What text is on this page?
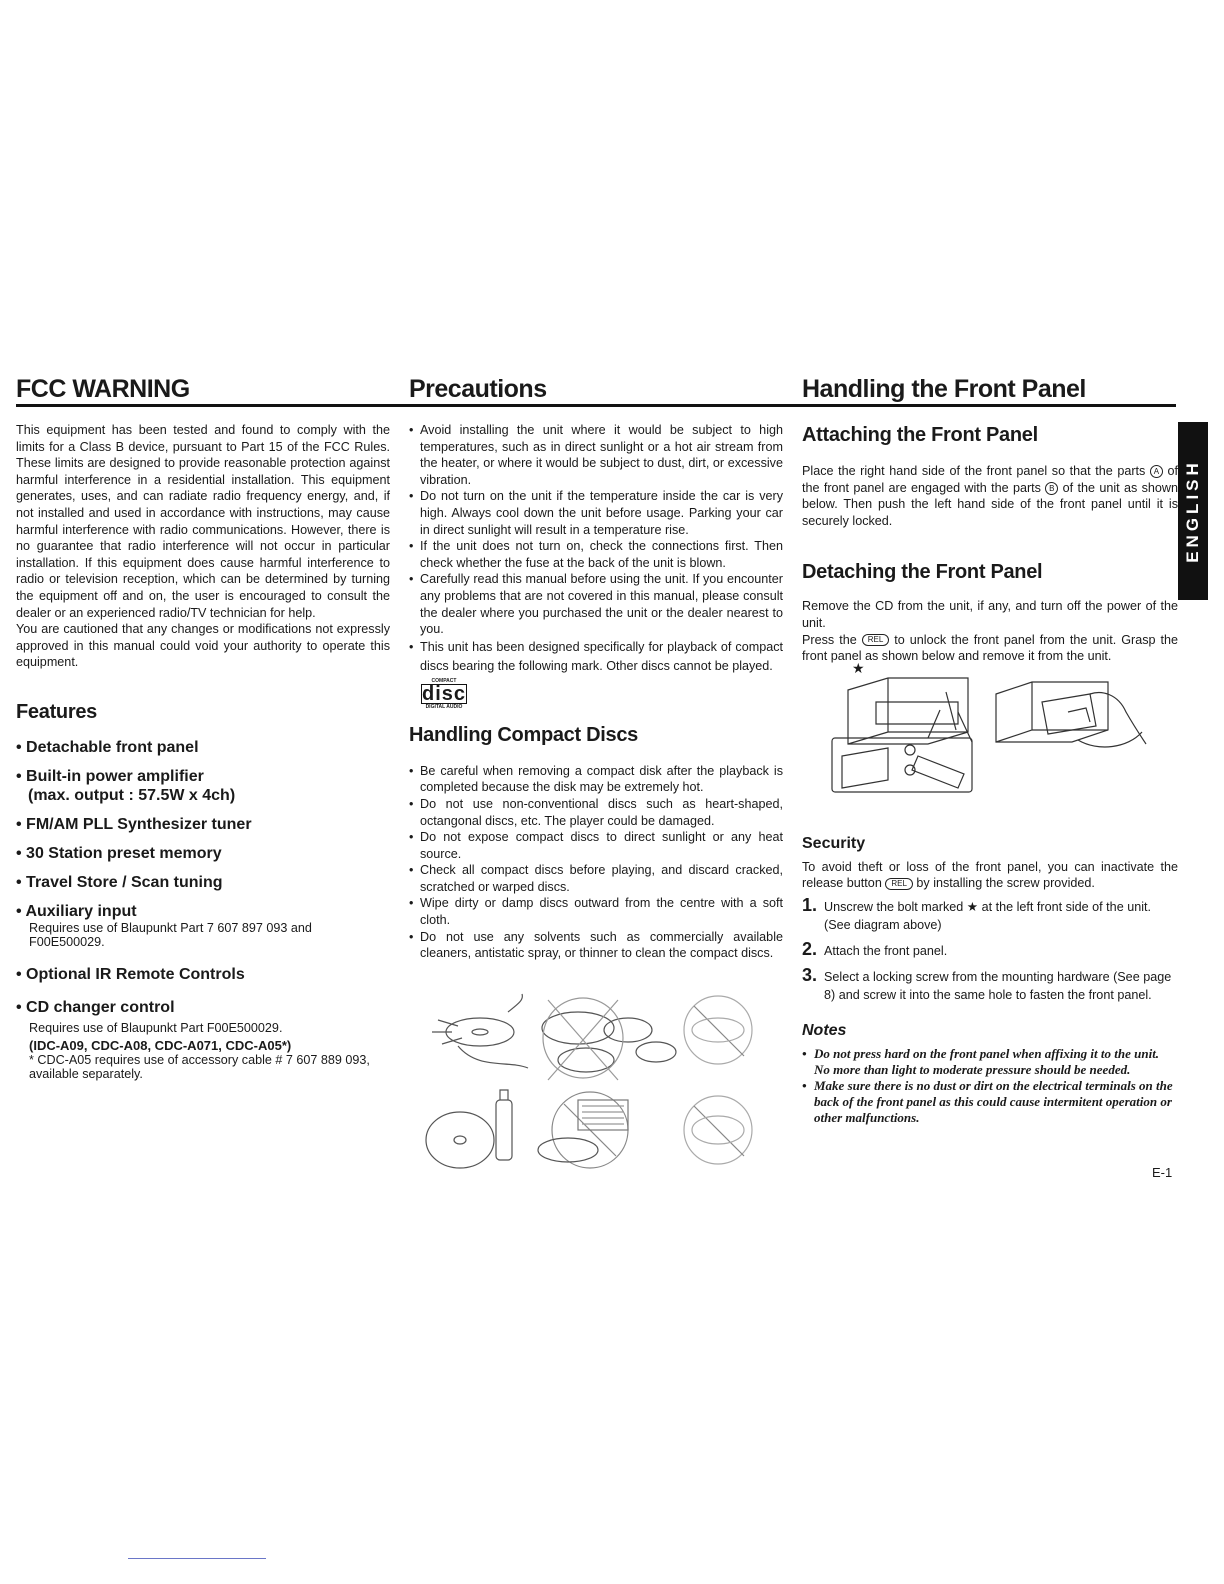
FCC WARNING

This equipment has been tested and found to comply with the limits for a Class B device, pursuant to Part 15 of the FCC Rules. These limits are designed to provide reasonable protection against harmful interference in a residential installation. This equipment generates, uses, and can radiate radio frequency energy, and, if not installed and used in accordance with instructions, may cause harmful interference with radio communications. However, there is no guarantee that radio interference will not occur in particular installation. If this equipment does cause harmful interference to radio or television reception, which can be determined by turning the equipment off and on, the user is encouraged to consult the dealer or an experienced radio/TV technician for help.

You are cautioned that any changes or modifications not expressly approved in this manual could void your authority to operate this equipment.

Features

• Detachable front panel

• Built-in power amplifier

(max. output : 57.5W x 4ch)

• FM/AM PLL Synthesizer tuner

• 30 Station preset memory

• Travel Store / Scan tuning

• Auxiliary input

Requires use of Blaupunkt Part 7 607 897 093 and F00E500029.

• Optional IR Remote Controls

• CD changer control

Requires use of Blaupunkt Part F00E500029.

(IDC-A09, CDC-A08, CDC-A071, CDC-A05*)

* CDC-A05 requires use of accessory cable # 7 607 889 093, available separately.

Precautions
• Avoid installing the unit where it would be subject to high temperatures, such as in direct sunlight or a hot air stream from the heater, or where it would be subject to dust, dirt, or excessive vibration.
• Do not turn on the unit if the temperature inside the car is very high. Always cool down the unit before usage. Parking your car in direct sunlight will result in a temperature rise.
• If the unit does not turn on, check the connections first. Then check whether the fuse at the back of the unit is blown.
• Carefully read this manual before using the unit. If you encounter any problems that are not covered in this manual, please consult the dealer where you purchased the unit or the dealer nearest to you.
• This unit has been designed specifically for playback of compact discs bearing the following mark. Other discs cannot be played.
COMPACT
disc
DIGITAL AUDIO
Handling Compact Discs
• Be careful when removing a compact disk after the playback is completed because the disk may be extremely hot.
• Do not use non-conventional discs such as heart-shaped, octangonal discs, etc. The player could be damaged.
• Do not expose compact discs to direct sunlight or any heat source.
• Check all compact discs before playing, and discard cracked, scratched or warped discs.
• Wipe dirty or damp discs outward from the centre with a soft cloth.
• Do not use any solvents such as commercially available cleaners, antistatic spray, or thinner to clean the compact discs.
Handling the Front Panel
Attaching the Front Panel

Place the right hand side of the front panel so that the parts A of the front panel are engaged with the parts B of the unit as shown below. Then push the left hand side of the front panel until it is securely locked.

Detaching the Front Panel

Remove the CD from the unit, if any, and turn off the power of the unit.

Press the REL to unlock the front panel from the unit. Grasp the front panel as shown below and remove it from the unit.

Security

To avoid theft or loss of the front panel, you can inactivate the release button REL by installing the screw provided.

1. Unscrew the bolt marked ★ at the left front side of the unit. (See diagram above)
2. Attach the front panel.
3. Select a locking screw from the mounting hardware (See page 8) and screw it into the same hole to fasten the front panel.
Notes
• Do not press hard on the front panel when affixing it to the unit. No more than light to moderate pressure should be needed.
• Make sure there is no dust or dirt on the electrical terminals on the back of the front panel as this could cause intermitent operation or other malfunctions.
★
ENGLISH
E-1
